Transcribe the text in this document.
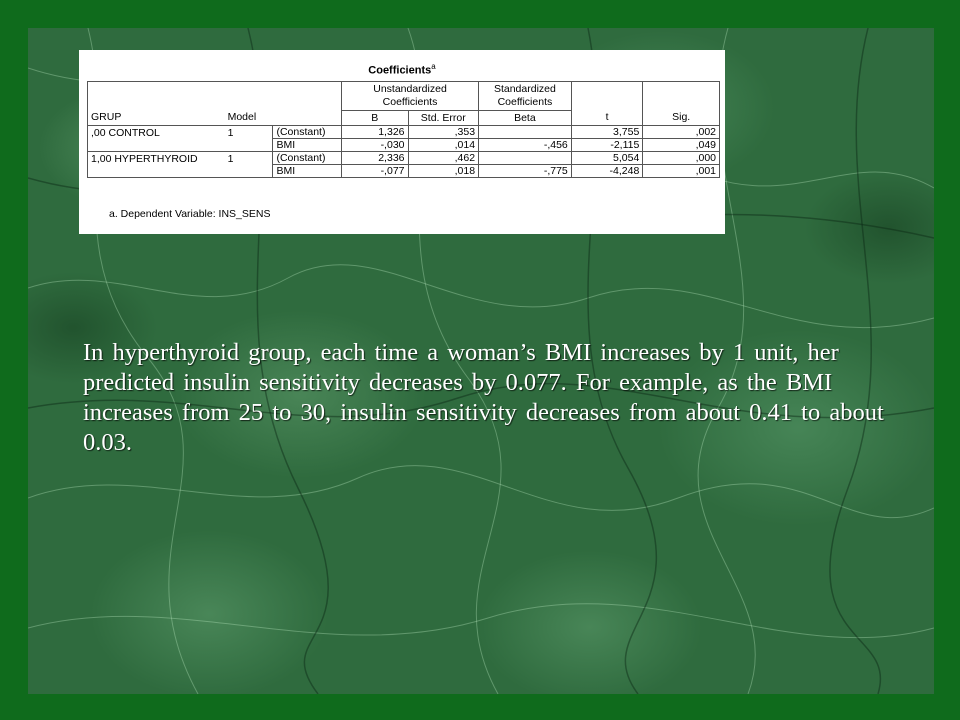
Coefficients$^a$
			Unstandardized Coefficients		Standardized Coefficients		
GRUP	Model		B	Std. Error	Beta	t	Sig.
,00 CONTROL	1	(Constant)	1,326	,353		3,755	,002
		BMI	-,030	,014	-,456	-2,115	,049
1,00 HYPERTHYROID	1	(Constant)	2,336	,462		5,054	,000
		BMI	-,077	,018	-,775	-4,248	,001
a. Dependent Variable: INS_SENS
In hyperthyroid group, each time a woman’s BMI increases by 1 unit, her predicted insulin sensitivity decreases by 0.077. For example, as the BMI increases from 25 to 30, insulin sensitivity decreases from about 0.41 to about 0.03.
